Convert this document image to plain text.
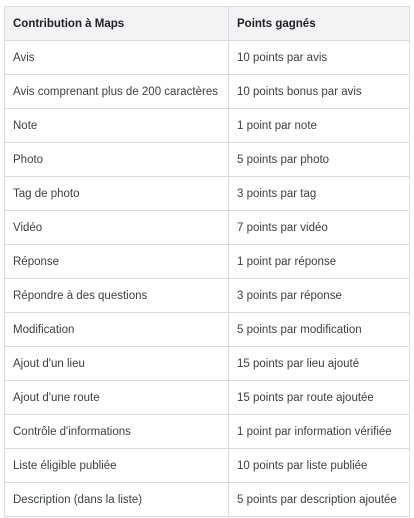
Contribution à Maps	Points gagnés
Avis	10 points par avis
Avis comprenant plus de 200 caractères	10 points bonus par avis
Note	1 point par note
Photo	5 points par photo
Tag de photo	3 points par tag
Vidéo	7 points par vidéo
Réponse	1 point par réponse
Répondre à des questions	3 points par réponse
Modification	5 points par modification
Ajout d'un lieu	15 points par lieu ajouté
Ajout d'une route	15 points par route ajoutée
Contrôle d'informations	1 point par information vérifiée
Liste éligible publiée	10 points par liste publiée
Description (dans la liste)	5 points par description ajoutée
